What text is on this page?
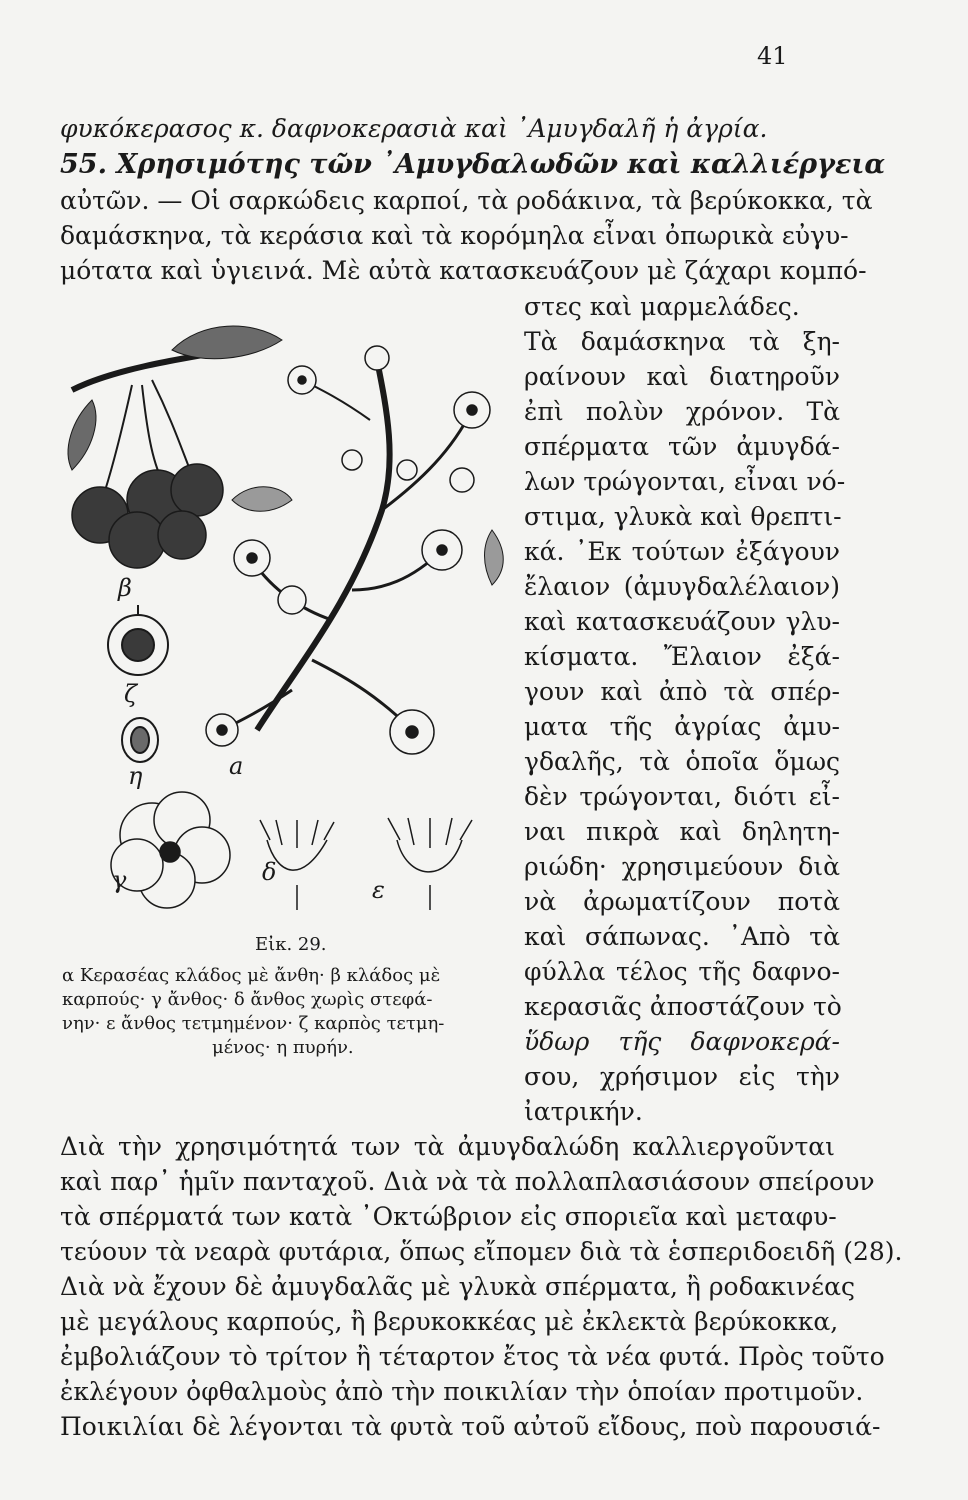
41
φυκόκερασος κ. δαφνοκερασιὰ καὶ ᾿Αμυγδαλῆ ἡ ἀγρία.
55. Χρησιμότης τῶν ᾿Αμυγδαλωδῶν καὶ καλλιέργεια
αὐτῶν. — Οἱ σαρκώδεις καρποί, τὰ ροδάκινα, τὰ βερύκοκκα, τὰ
δαμάσκηνα, τὰ κεράσια καὶ τὰ κορόμηλα εἶναι ὀπωρικὰ εὐγυ-
μότατα καὶ ὑγιεινά. Μὲ αὐτὰ κατασκευάζουν μὲ ζάχαρι κομπό-
στες καὶ μαρμελάδες.
Τὰ δαμάσκηνα τὰ ξη-
ραίνουν καὶ διατηροῦν
ἐπὶ πολὺν χρόνον. Τὰ
σπέρματα τῶν ἀμυγδά-
λων τρώγονται, εἶναι νό-
στιμα, γλυκὰ καὶ θρεπτι-
κά. ᾿Εκ τούτων ἐξάγουν
ἔλαιον (ἀμυγδαλέλαιον)
καὶ κατασκευάζουν γλυ-
κίσματα. Ἔλαιον ἐξά-
γουν καὶ ἀπὸ τὰ σπέρ-
ματα τῆς ἀγρίας ἀμυ-
γδαλῆς, τὰ ὁποῖα ὅμως
δὲν τρώγονται, διότι εἶ-
ναι πικρὰ καὶ δηλητη-
ριώδη· χρησιμεύουν διὰ
νὰ ἀρωματίζουν ποτὰ
καὶ σάπωνας. ᾿Απὸ τὰ
φύλλα τέλος τῆς δαφνο-
κερασιᾶς ἀποστάζουν τὸ
ὕδωρ τῆς δαφνοκερά-
σου, χρήσιμον εἰς τὴν
ἰατρικήν.
a
β
γ	δ
ε
ζ
η
Εἰκ. 29.
α Κερασέας κλάδος μὲ ἄνθη· β κλάδος μὲ
καρπούς· γ ἄνθος· δ ἄνθος χωρὶς στεφά-
νην· ε ἄνθος τετμημένον· ζ καρπὸς τετμη-
μένος· η πυρήν.
Διὰ τὴν χρησιμότητά των τὰ ἀμυγδαλώδη καλλιεργοῦνται
καὶ παρ᾿ ἡμῖν πανταχοῦ. Διὰ νὰ τὰ πολλαπλασιάσουν σπείρουν
τὰ σπέρματά των κατὰ ᾿Οκτώβριον εἰς σποριεῖα καὶ μεταφυ-
τεύουν τὰ νεαρὰ φυτάρια, ὅπως εἴπομεν διὰ τὰ ἑσπεριδοειδῆ (28).
Διὰ νὰ ἔχουν δὲ ἀμυγδαλᾶς μὲ γλυκὰ σπέρματα, ἢ ροδακινέας
μὲ μεγάλους καρπούς, ἢ βερυκοκκέας μὲ ἐκλεκτὰ βερύκοκκα,
ἐμβολιάζουν τὸ τρίτον ἢ τέταρτον ἔτος τὰ νέα φυτά. Πρὸς τοῦτο
ἐκλέγουν ὀφθαλμοὺς ἀπὸ τὴν ποικιλίαν τὴν ὁποίαν προτιμοῦν.
Ποικιλίαι δὲ λέγονται τὰ φυτὰ τοῦ αὐτοῦ εἴδους, ποὺ παρουσιά-
